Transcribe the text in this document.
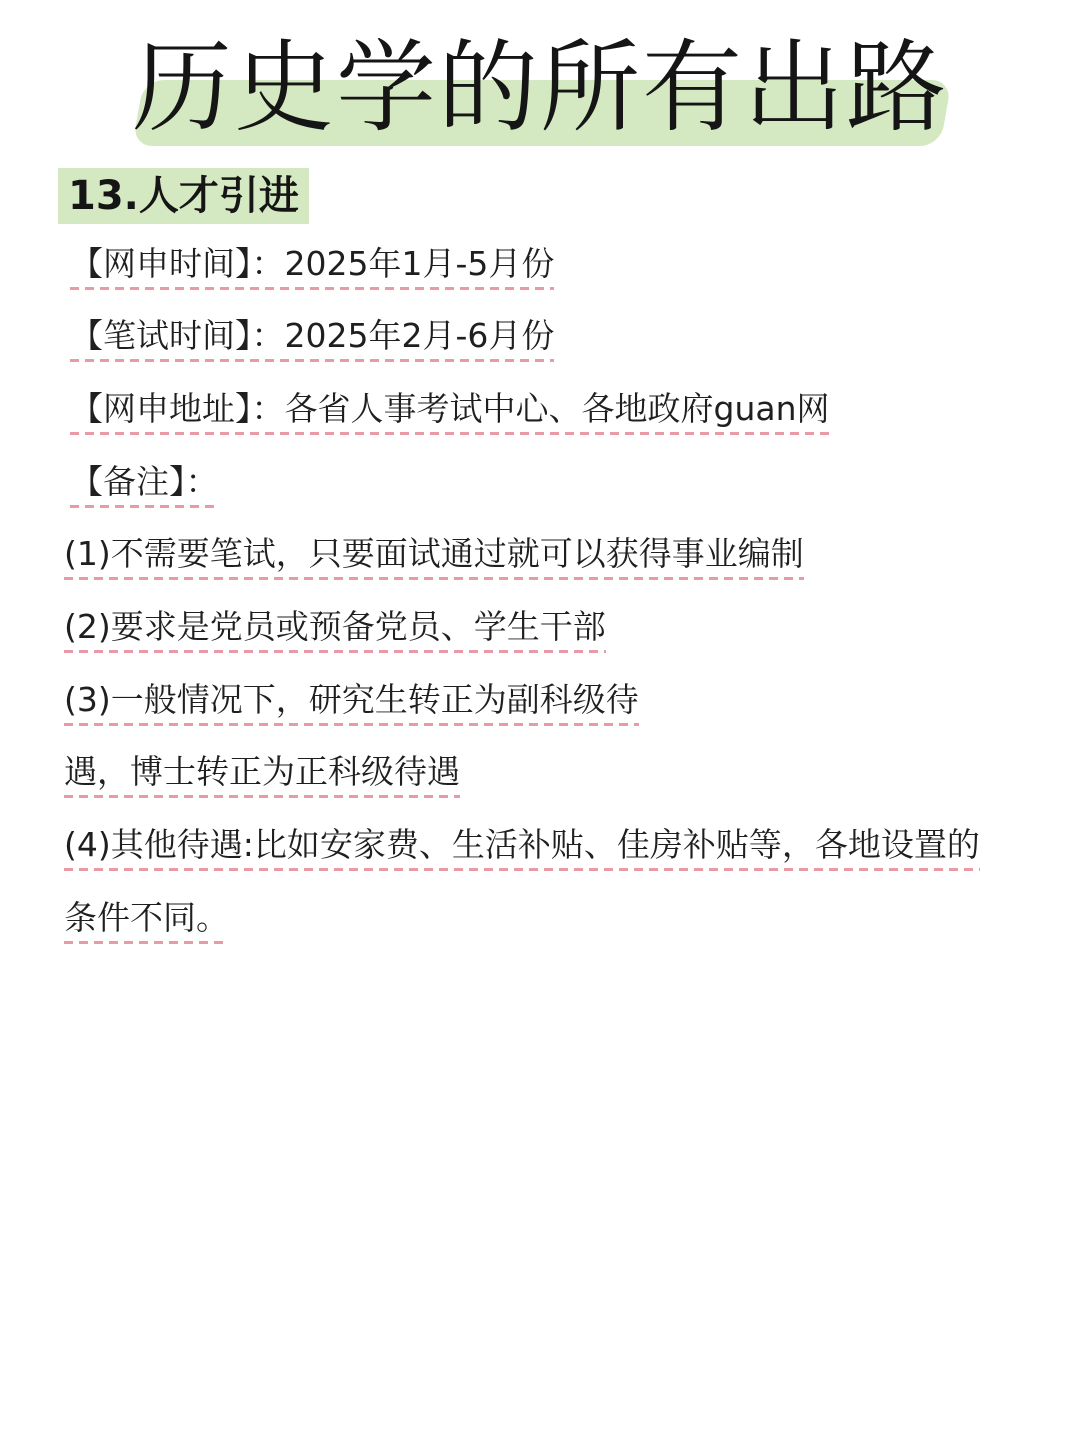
历史学的所有出路
13.人才引进
【网申时间】：2025年1月-5月份
【笔试时间】：2025年2月-6月份
【网申地址】：各省人事考试中心、各地政府guan网
【备注】：
(1)不需要笔试，只要面试通过就可以获得事业编制
(2)要求是党员或预备党员、学生干部
(3)一般情况下，研究生转正为副科级待
遇，博士转正为正科级待遇
(4)其他待遇:比如安家费、生活补贴、佳房补贴等，各地设置的
条件不同。
